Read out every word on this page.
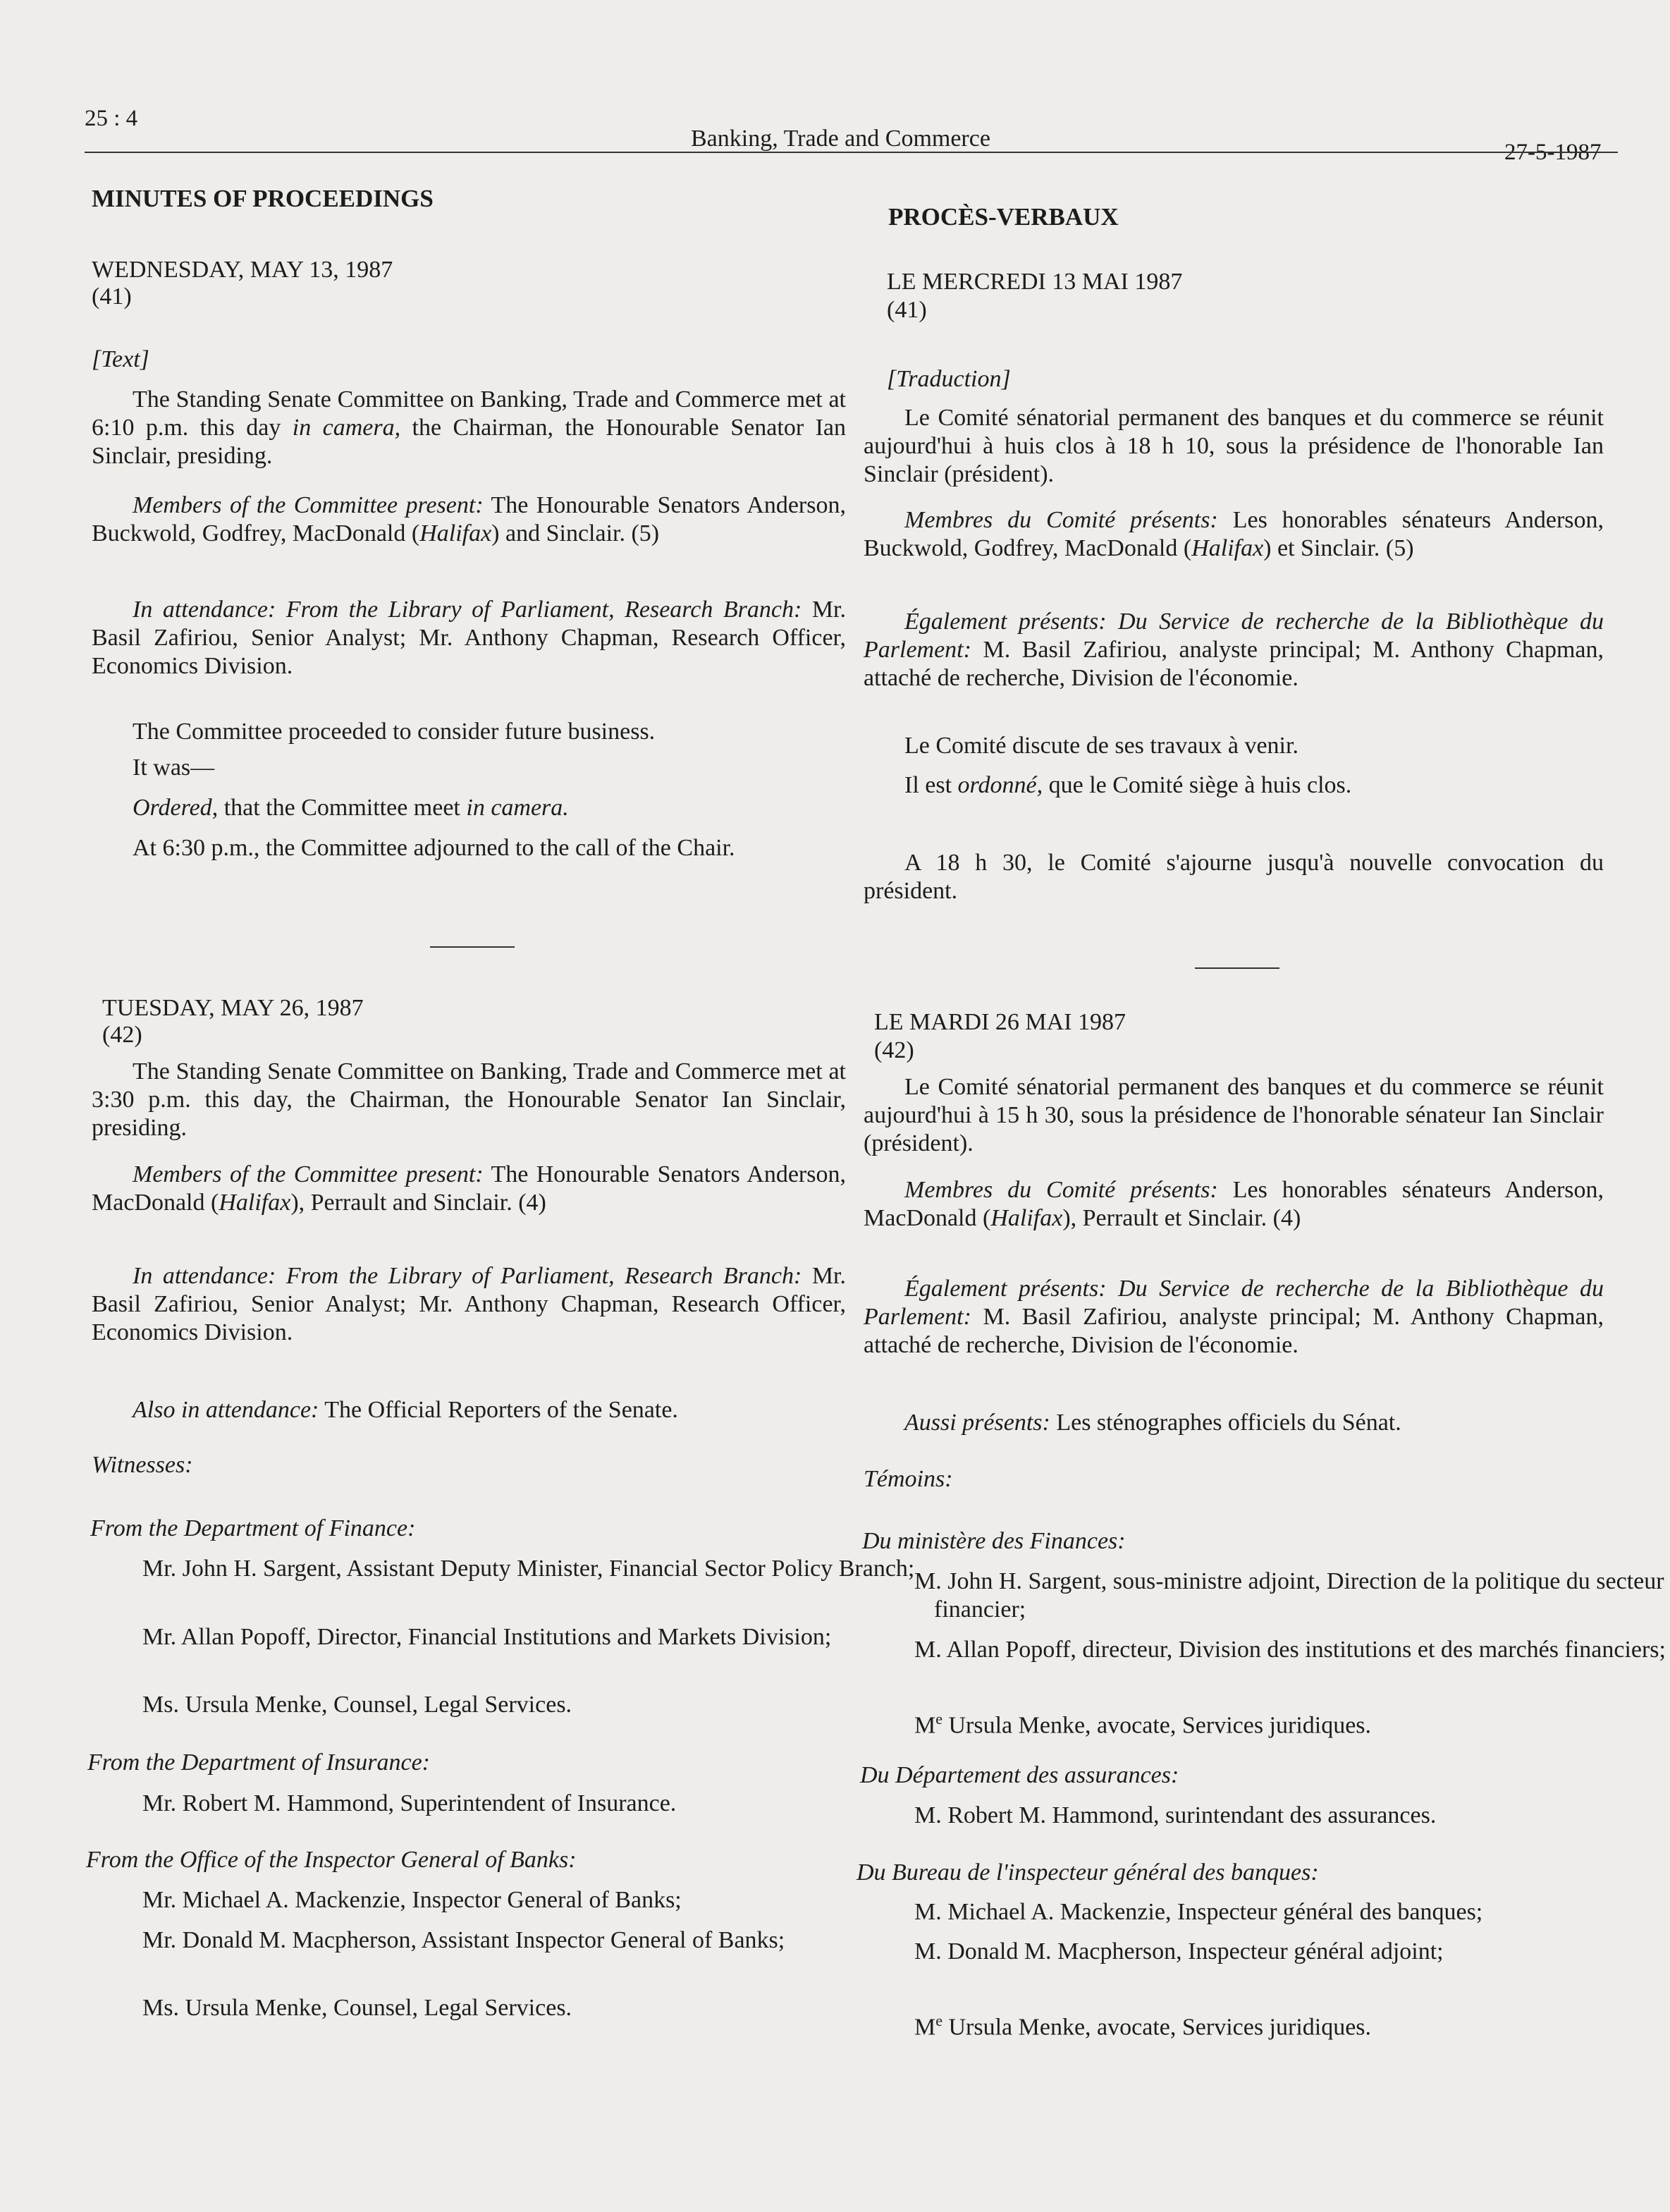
25 : 4
Banking, Trade and Commerce
27-5-1987
MINUTES OF PROCEEDINGS
WEDNESDAY, MAY 13, 1987
(41)
[Text]

The Standing Senate Committee on Banking, Trade and Commerce met at 6:10 p.m. this day in camera, the Chairman, the Honourable Senator Ian Sinclair, presiding.

Members of the Committee present: The Honourable Senators Anderson, Buckwold, Godfrey, MacDonald (Halifax) and Sinclair. (5)

In attendance: From the Library of Parliament, Research Branch: Mr. Basil Zafiriou, Senior Analyst; Mr. Anthony Chapman, Research Officer, Economics Division.

The Committee proceeded to consider future business.

It was—

Ordered, that the Committee meet in camera.

At 6:30 p.m., the Committee adjourned to the call of the Chair.

TUESDAY, MAY 26, 1987
(42)

The Standing Senate Committee on Banking, Trade and Commerce met at 3:30 p.m. this day, the Chairman, the Honourable Senator Ian Sinclair, presiding.

Members of the Committee present: The Honourable Senators Anderson, MacDonald (Halifax), Perrault and Sinclair. (4)

In attendance: From the Library of Parliament, Research Branch: Mr. Basil Zafiriou, Senior Analyst; Mr. Anthony Chapman, Research Officer, Economics Division.

Also in attendance: The Official Reporters of the Senate.

Witnesses:
From the Department of Finance:

Mr. John H. Sargent, Assistant Deputy Minister, Financial Sector Policy Branch;

Mr. Allan Popoff, Director, Financial Institutions and Markets Division;

Ms. Ursula Menke, Counsel, Legal Services.

From the Department of Insurance:

Mr. Robert M. Hammond, Superintendent of Insurance.

From the Office of the Inspector General of Banks:

Mr. Michael A. Mackenzie, Inspector General of Banks;

Mr. Donald M. Macpherson, Assistant Inspector General of Banks;

Ms. Ursula Menke, Counsel, Legal Services.

PROCÈS-VERBAUX
LE MERCREDI 13 MAI 1987
(41)
[Traduction]

Le Comité sénatorial permanent des banques et du commerce se réunit aujourd'hui à huis clos à 18 h 10, sous la présidence de l'honorable Ian Sinclair (président).

Membres du Comité présents: Les honorables sénateurs Anderson, Buckwold, Godfrey, MacDonald (Halifax) et Sinclair. (5)

Également présents: Du Service de recherche de la Bibliothèque du Parlement: M. Basil Zafiriou, analyste principal; M. Anthony Chapman, attaché de recherche, Division de l'économie.

Le Comité discute de ses travaux à venir.

Il est ordonné, que le Comité siège à huis clos.

A 18 h 30, le Comité s'ajourne jusqu'à nouvelle convocation du président.

LE MARDI 26 MAI 1987
(42)

Le Comité sénatorial permanent des banques et du commerce se réunit aujourd'hui à 15 h 30, sous la présidence de l'honorable sénateur Ian Sinclair (président).

Membres du Comité présents: Les honorables sénateurs Anderson, MacDonald (Halifax), Perrault et Sinclair. (4)

Également présents: Du Service de recherche de la Bibliothèque du Parlement: M. Basil Zafiriou, analyste principal; M. Anthony Chapman, attaché de recherche, Division de l'économie.

Aussi présents: Les sténographes officiels du Sénat.

Témoins:
Du ministère des Finances:

M. John H. Sargent, sous-ministre adjoint, Direction de la politique du secteur financier;

M. Allan Popoff, directeur, Division des institutions et des marchés financiers;

Me Ursula Menke, avocate, Services juridiques.

Du Département des assurances:

M. Robert M. Hammond, surintendant des assurances.

Du Bureau de l'inspecteur général des banques:

M. Michael A. Mackenzie, Inspecteur général des banques;

M. Donald M. Macpherson, Inspecteur général adjoint;

Me Ursula Menke, avocate, Services juridiques.
